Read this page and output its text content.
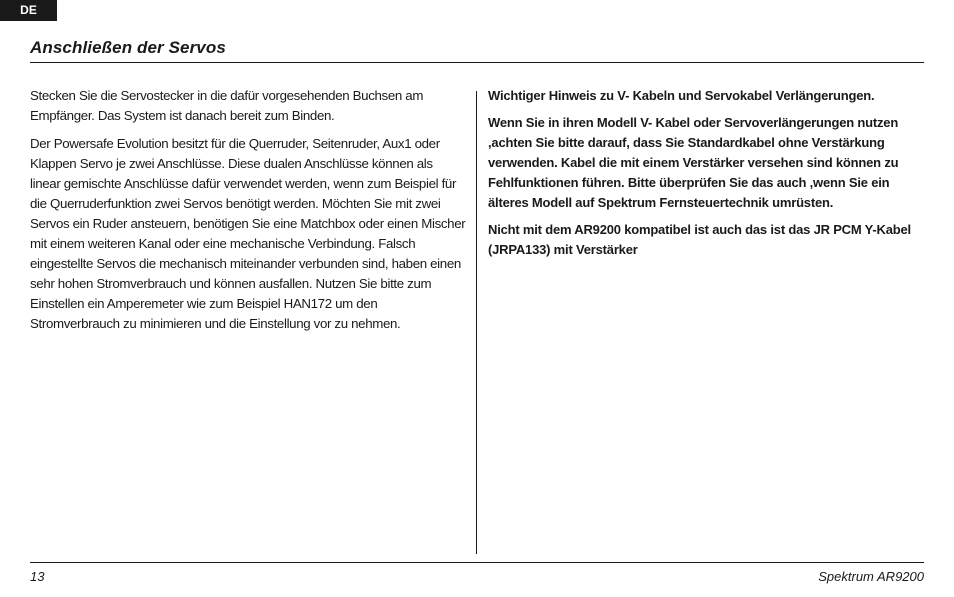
DE
Anschließen der Servos

Stecken Sie die Servostecker in die dafür vorgesehenden Buchsen am Empfänger. Das System ist danach bereit zum Binden.

Der Powersafe Evolution besitzt für die Querruder, Seitenruder, Aux1 oder Klappen Servo je zwei Anschlüsse. Diese dualen Anschlüsse können als linear gemischte Anschlüsse dafür verwendet werden, wenn zum Beispiel für die Querruderfunktion zwei Servos benötigt werden. Möchten Sie mit zwei Servos ein Ruder ansteuern, benötigen Sie eine Matchbox oder einen Mischer mit einem weiteren Kanal oder eine mechanische Verbindung. Falsch eingestellte Servos die mechanisch miteinander verbunden sind, haben einen sehr hohen Stromverbrauch und können ausfallen. Nutzen Sie bitte zum Einstellen ein Amperemeter wie zum Beispiel HAN172 um den Stromverbrauch zu minimieren und die Einstellung vor zu nehmen.

Wichtiger Hinweis zu V- Kabeln und Servokabel Verlängerungen.

Wenn Sie in ihren Modell V- Kabel oder Servoverlängerungen nutzen ,achten Sie bitte darauf, dass Sie Standardkabel ohne Verstärkung verwenden. Kabel die mit einem Verstärker versehen sind können zu Fehlfunktionen führen. Bitte überprüfen Sie das auch ,wenn Sie ein älteres Modell auf Spektrum Fernsteuertechnik umrüsten.

Nicht mit dem AR9200 kompatibel ist auch das ist das JR PCM Y-Kabel (JRPA133) mit Verstärker

13	Spektrum AR9200
